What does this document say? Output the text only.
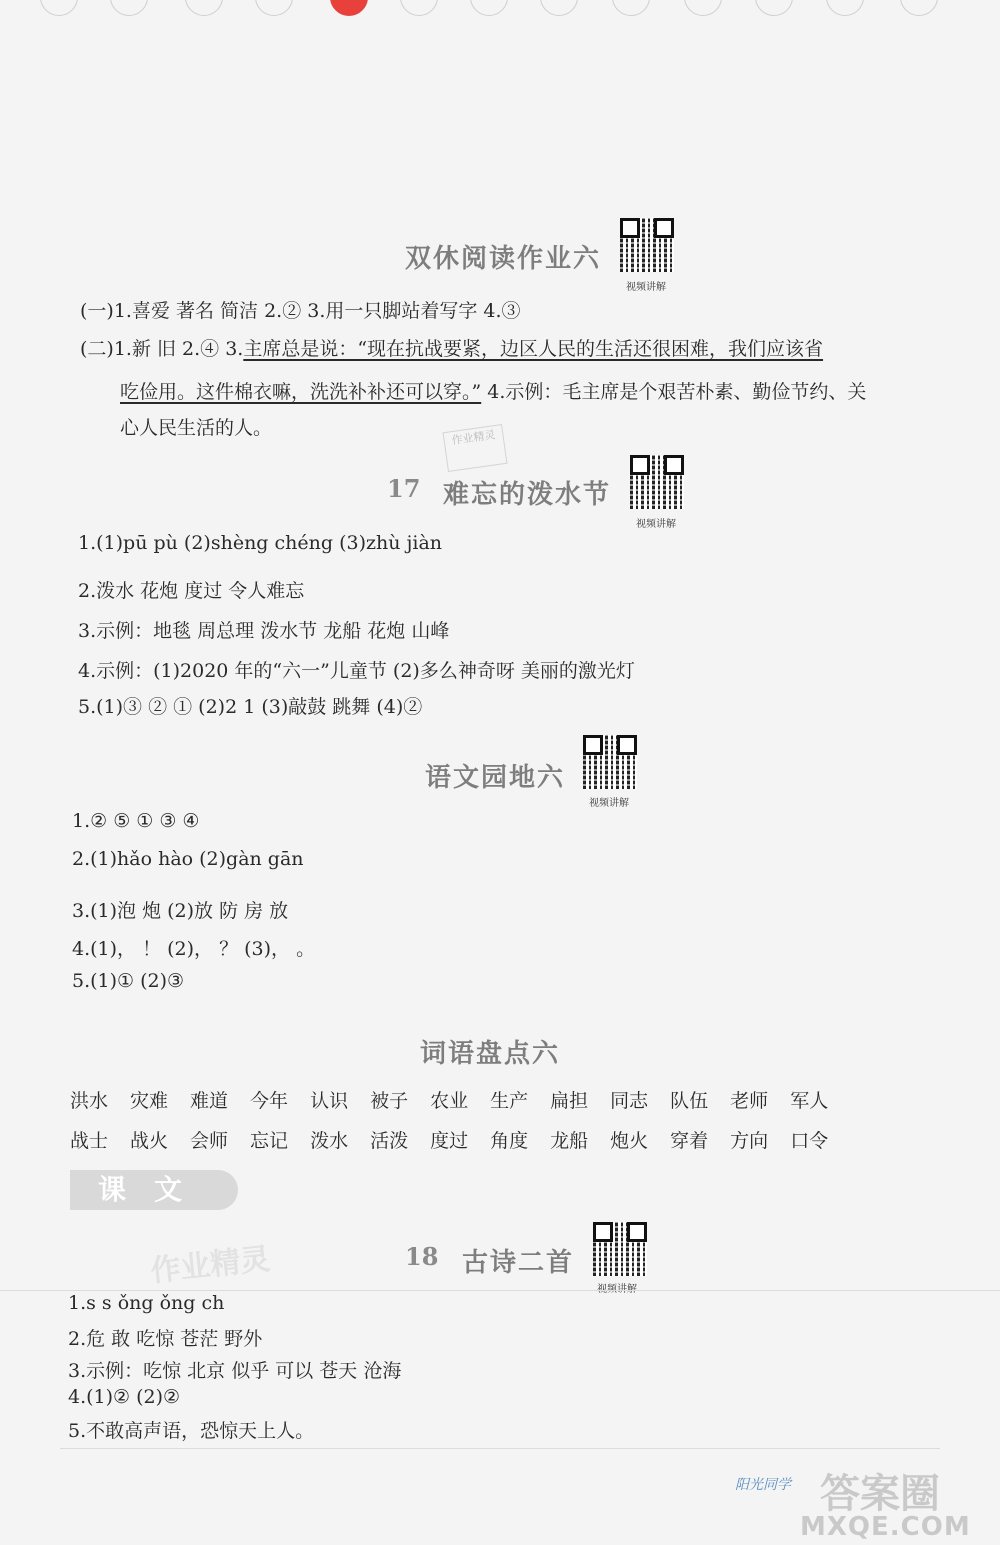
双休阅读作业六
视频讲解
(一)1.喜爱 著名 简洁 2.② 3.用一只脚站着写字 4.③
(二)1.新 旧 2.④ 3.主席总是说：“现在抗战要紧，边区人民的生活还很困难，我们应该省
吃俭用。这件棉衣嘛，洗洗补补还可以穿。” 4.示例：毛主席是个艰苦朴素、勤俭节约、关
心人民生活的人。	作业精灵
17 难忘的泼水节
视频讲解
1.(1)pū pù (2)shèng chéng (3)zhù jiàn
2.泼水 花炮 度过 令人难忘
3.示例：地毯 周总理 泼水节 龙船 花炮 山峰
4.示例：(1)2020 年的“六一”儿童节 (2)多么神奇呀 美丽的激光灯
5.(1)③ ② ① (2)2 1 (3)敲鼓 跳舞 (4)②
语文园地六
视频讲解
1.② ⑤ ① ③ ④
2.(1)hǎo hào (2)gàn gān
3.(1)泡 炮 (2)放 防 房 放
4.(1)， ！ (2)， ？ (3)， 。
5.(1)① (2)③
词语盘点六
洪水 灾难 难道 今年 认识 被子 农业 生产 扁担 同志 队伍 老师 军人
战士 战火 会师 忘记 泼水 活泼 度过 角度 龙船 炮火 穿着 方向 口令
课文
作业精灵	18 古诗二首
1.s s ǒng ǒng ch
2.危 敢 吃惊 苍茫 野外
3.示例：吃惊 北京 似乎 可以 苍天 沧海
4.(1)② (2)②
5.不敢高声语，恐惊天上人。
阳光同学 答案圈
MXQE.COM
